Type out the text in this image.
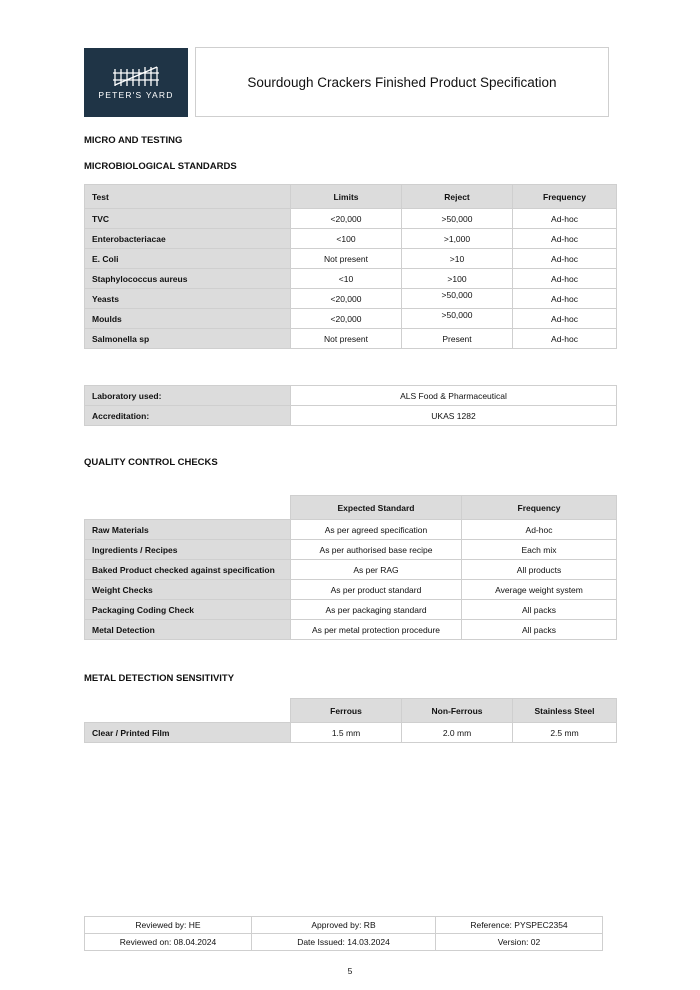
PETER'S YARD
Sourdough Crackers Finished Product Specification
MICRO AND TESTING
MICROBIOLOGICAL STANDARDS
Test	Limits	Reject	Frequency
TVC	<20,000	>50,000	Ad-hoc
Enterobacteriacae	<100	>1,000	Ad-hoc
E. Coli	Not present	>10	Ad-hoc
Staphylococcus aureus	<10	>100	Ad-hoc
Yeasts	<20,000	>50,000	Ad-hoc
Moulds	<20,000	>50,000	Ad-hoc
Salmonella sp	Not present	Present	Ad-hoc
Laboratory used:	ALS Food & Pharmaceutical
Accreditation:	UKAS 1282
QUALITY CONTROL CHECKS
	Expected Standard	Frequency
Raw Materials	As per agreed specification	Ad-hoc
Ingredients / Recipes	As per authorised base recipe	Each mix
Baked Product checked against specification	As per RAG	All products
Weight Checks	As per product standard	Average weight system
Packaging Coding Check	As per packaging standard	All packs
Metal Detection	As per metal protection procedure	All packs
METAL DETECTION SENSITIVITY
	Ferrous	Non-Ferrous	Stainless Steel
Clear / Printed Film	1.5 mm	2.0 mm	2.5 mm
Reviewed by: HE	Approved by: RB	Reference: PYSPEC2354
Reviewed on: 08.04.2024	Date Issued: 14.03.2024	Version: 02
5
